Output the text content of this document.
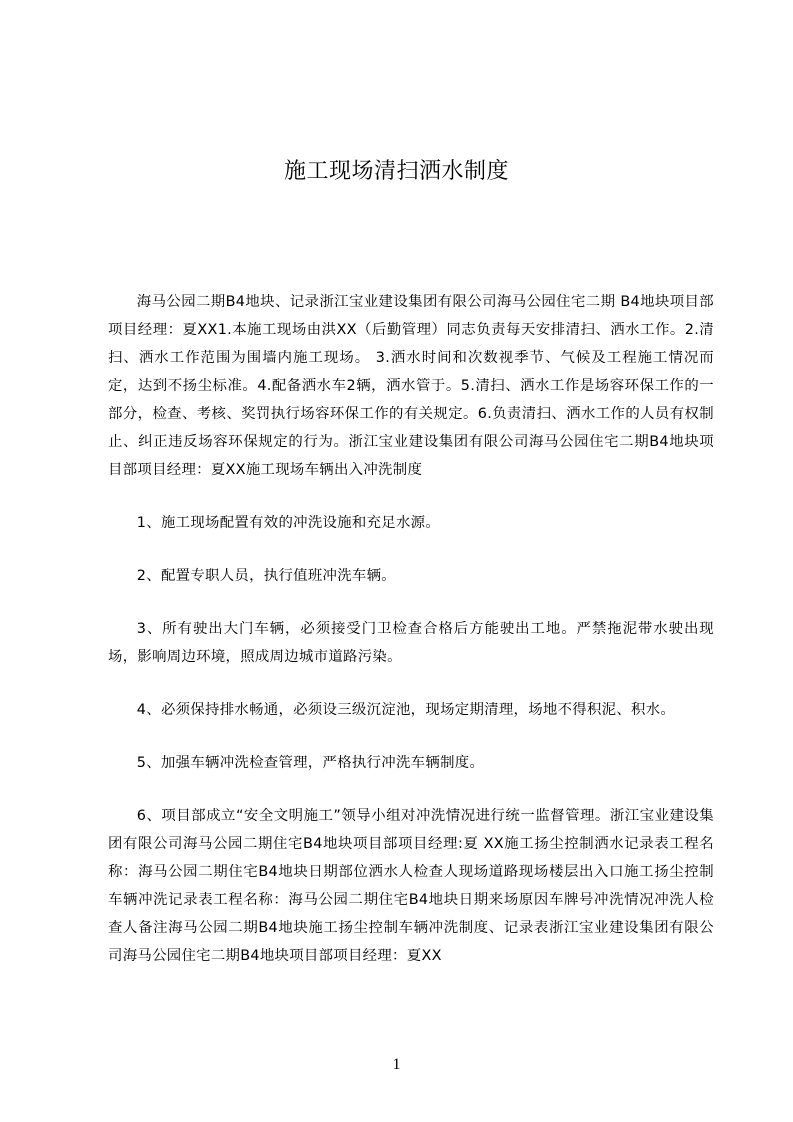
施工现场清扫洒水制度

海马公园二期B4地块、记录浙江宝业建设集团有限公司海马公园住宅二期 B4地块项目部项目经理：夏XX1.本施工现场由洪XX（后勤管理）同志负责每天安排清扫、洒水工作。2.清扫、洒水工作范围为围墙内施工现场。 3.洒水时间和次数视季节、气候及工程施工情况而定，达到不扬尘标准。4.配备洒水车2辆，洒水管于。5.清扫、洒水工作是场容环保工作的一部分，检查、考核、奖罚执行场容环保工作的有关规定。6.负责清扫、洒水工作的人员有权制止、纠正违反场容环保规定的行为。浙江宝业建设集团有限公司海马公园住宅二期B4地块项目部项目经理：夏XX施工现场车辆出入冲洗制度

1、施工现场配置有效的冲洗设施和充足水源。

2、配置专职人员，执行值班冲洗车辆。

3、所有驶出大门车辆，必须接受门卫检查合格后方能驶出工地。严禁拖泥带水驶出现场，影响周边环境，照成周边城市道路污染。

4、必须保持排水畅通，必须设三级沉淀池，现场定期清理，场地不得积泥、积水。

5、加强车辆冲洗检查管理，严格执行冲洗车辆制度。

6、项目部成立“安全文明施工”领导小组对冲洗情况进行统一监督管理。浙江宝业建设集团有限公司海马公园二期住宅B4地块项目部项目经理:夏 XX施工扬尘控制洒水记录表工程名称：海马公园二期住宅B4地块日期部位洒水人检查人现场道路现场楼层出入口施工扬尘控制车辆冲洗记录表工程名称：海马公园二期住宅B4地块日期来场原因车牌号冲洗情况冲洗人检查人备注海马公园二期B4地块施工扬尘控制车辆冲洗制度、记录表浙江宝业建设集团有限公司海马公园住宅二期B4地块项目部项目经理：夏XX

1
